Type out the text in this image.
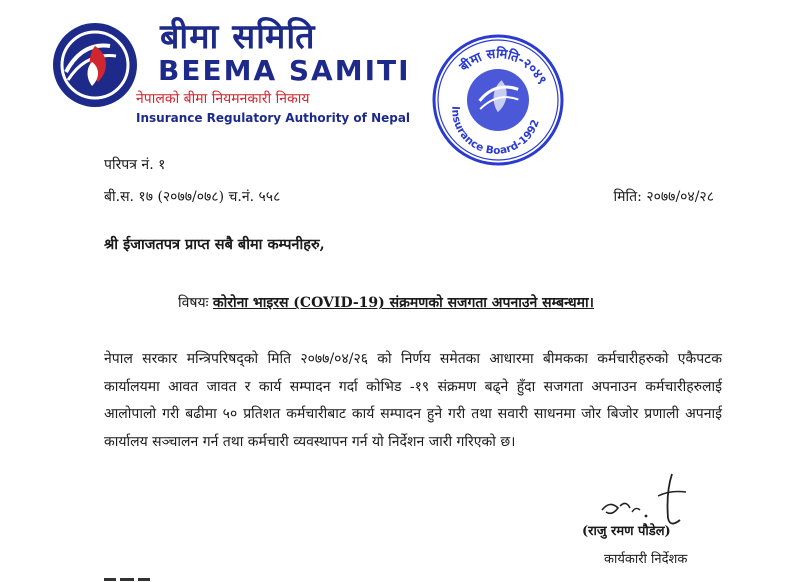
बीमा समिति
BEEMA SAMITI
नेपालको बीमा नियमनकारी निकाय
Insurance Regulatory Authority of Nepal
बीमा समिति-२०४९
Insurance Board-1992
परिपत्र नं. १
बी.स. १७ (२०७७/०७८) च.नं. ५५८	मिति: २०७७/०४/२८
श्री ईजाजतपत्र प्राप्त सबै बीमा कम्पनीहरु,
विषयः कोरोना भाइरस (COVID-19) संक्रमणको सजगता अपनाउने सम्बन्धमा।
नेपाल सरकार मन्त्रिपरिषद्को मिति २०७७/०४/२६ को निर्णय समेतका आधारमा बीमकका कर्मचारीहरुको एकैपटक कार्यालयमा आवत जावत र कार्य सम्पादन गर्दा कोभिड -१९ संक्रमण बढ्ने हुँदा सजगता अपनाउन कर्मचारीहरुलाई आलोपालो गरी बढीमा ५० प्रतिशत कर्मचारीबाट कार्य सम्पादन हुने गरी तथा सवारी साधनमा जोर बिजोर प्रणाली अपनाई कार्यालय सञ्चालन गर्न तथा कर्मचारी व्यवस्थापन गर्न यो निर्देशन जारी गरिएको छ।
(राजु रमण पौडेल)
कार्यकारी निर्देशक
